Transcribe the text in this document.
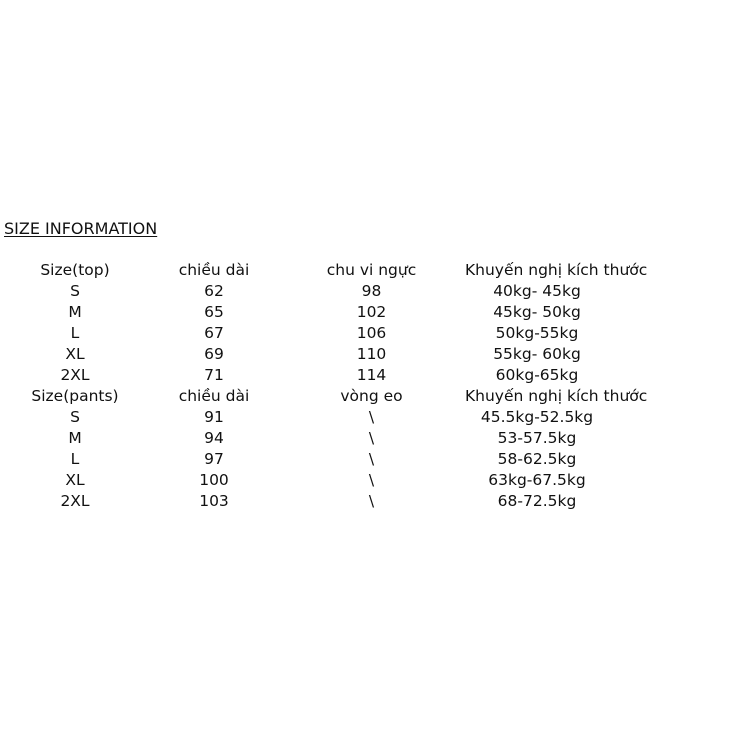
SIZE INFORMATION
Size(top)	chiều dài	chu vi ngực	Khuyến nghị kích thước	
S	62	98	40kg- 45kg	
M	65	102	45kg- 50kg	
L	67	106	50kg-55kg	
XL	69	110	55kg- 60kg	
2XL	71	114	60kg-65kg	
Size(pants)	chiều dài	vòng eo	Khuyến nghị kích thước	
S	91	\	45.5kg-52.5kg	
M	94	\	53-57.5kg	
L	97	\	58-62.5kg	
XL	100	\	63kg-67.5kg	
2XL	103	\	68-72.5kg	
